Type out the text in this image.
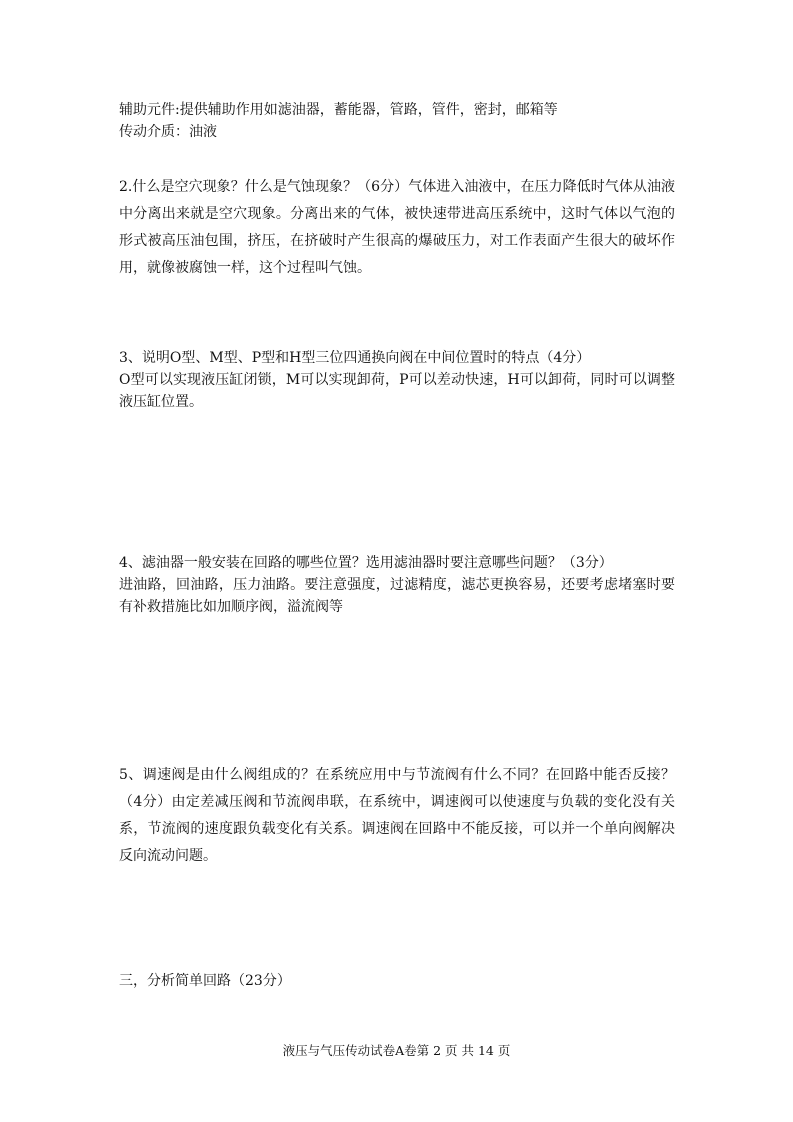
辅助元件:提供辅助作用如滤油器，蓄能器，管路，管件，密封，邮箱等
传动介质：油液
2.什么是空穴现象？什么是气蚀现象？（6分）气体进入油液中，在压力降低时气体从油液中分离出来就是空穴现象。分离出来的气体，被快速带进高压系统中，这时气体以气泡的形式被高压油包围，挤压，在挤破时产生很高的爆破压力，对工作表面产生很大的破坏作用，就像被腐蚀一样，这个过程叫气蚀。
3、说明O型、M型、P型和H型三位四通换向阀在中间位置时的特点（4分）
O型可以实现液压缸闭锁，M可以实现卸荷，P可以差动快速，H可以卸荷，同时可以调整液压缸位置。
4、滤油器一般安装在回路的哪些位置？选用滤油器时要注意哪些问题？（3分）
进油路，回油路，压力油路。要注意强度，过滤精度，滤芯更换容易，还要考虑堵塞时要有补救措施比如加顺序阀，溢流阀等
5、调速阀是由什么阀组成的？在系统应用中与节流阀有什么不同？在回路中能否反接？（4分）由定差减压阀和节流阀串联，在系统中，调速阀可以使速度与负载的变化没有关系，节流阀的速度跟负载变化有关系。调速阀在回路中不能反接，可以并一个单向阀解决反向流动问题。
三，分析简单回路（23分）
液压与气压传动试卷A卷第 2 页 共 14 页
